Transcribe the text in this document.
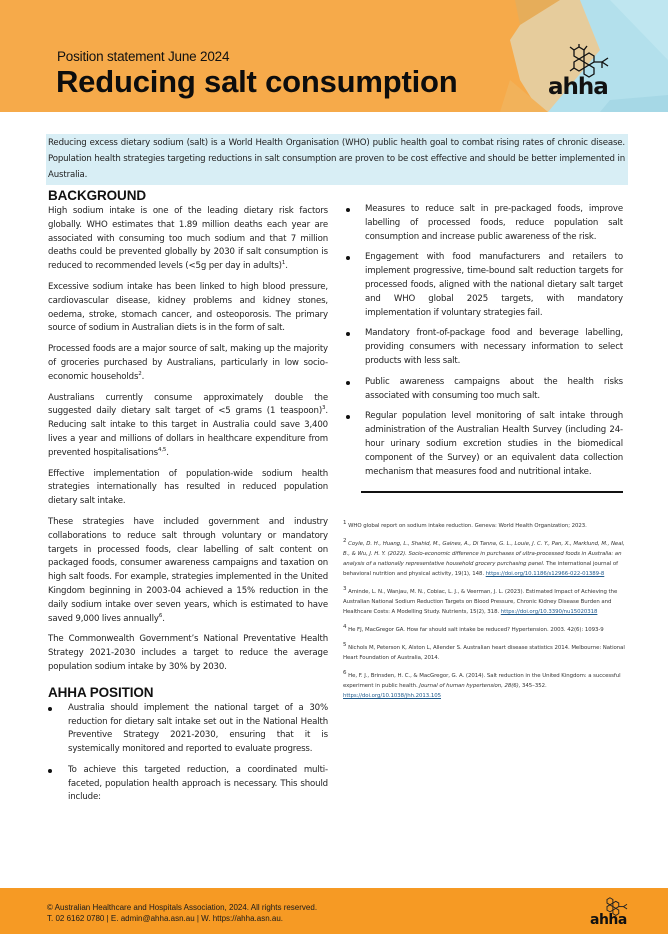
Position statement June 2024
Reducing salt consumption	ahha
Reducing excess dietary sodium (salt) is a World Health Organisation (WHO) public health goal to combat rising rates of chronic disease. Population health strategies targeting reductions in salt consumption are proven to be cost effective and should be better implemented in Australia.
BACKGROUND

High sodium intake is one of the leading dietary risk factors globally. WHO estimates that 1.89 million deaths each year are associated with consuming too much sodium and that 7 million deaths could be prevented globally by 2030 if salt consumption is reduced to recommended levels (<5g per day in adults)$^1$.

Excessive sodium intake has been linked to high blood pressure, cardiovascular disease, kidney problems and kidney stones, oedema, stroke, stomach cancer, and osteoporosis. The primary source of sodium in Australian diets is in the form of salt.

Processed foods are a major source of salt, making up the majority of groceries purchased by Australians, particularly in low socio-economic households$^2$.

Australians currently consume approximately double the suggested daily dietary salt target of <5 grams (1 teaspoon)$^3$. Reducing salt intake to this target in Australia could save 3,400 lives a year and millions of dollars in healthcare expenditure from prevented hospitalisations$^{4,5}$.

Effective implementation of population-wide sodium health strategies internationally has resulted in reduced population dietary salt intake.

These strategies have included government and industry collaborations to reduce salt through voluntary or mandatory targets in processed foods, clear labelling of salt content on packaged foods, consumer awareness campaigns and taxation on high salt foods. For example, strategies implemented in the United Kingdom beginning in 2003-04 achieved a 15% reduction in the daily sodium intake over seven years, which is estimated to have saved 9,000 lives annually$^6$.

The Commonwealth Government’s National Preventative Health Strategy 2021-2030 includes a target to reduce the average population sodium intake by 30% by 2030.

AHHA POSITION
Australia should implement the national target of a 30% reduction for dietary salt intake set out in the National Health Preventive Strategy 2021-2030, ensuring that it is systemically monitored and reported to evaluate progress.
To achieve this targeted reduction, a coordinated multi-faceted, population health approach is necessary. This should include:
Measures to reduce salt in pre-packaged foods, improve labelling of processed foods, reduce population salt consumption and increase public awareness of the risk.
Engagement with food manufacturers and retailers to implement progressive, time-bound salt reduction targets for processed foods, aligned with the national dietary salt target and WHO global 2025 targets, with mandatory implementation if voluntary strategies fail.
Mandatory front-of-package food and beverage labelling, providing consumers with necessary information to select products with less salt.
Public awareness campaigns about the health risks associated with consuming too much salt.
Regular population level monitoring of salt intake through administration of the Australian Health Survey (including 24-hour urinary sodium excretion studies in the biomedical component of the Survey) or an equivalent data collection mechanism that measures food and nutritional intake.
$^1$ WHO global report on sodium intake reduction. Geneva: World Health Organization; 2023.
$^2$ Coyle, D. H., Huang, L., Shahid, M., Gaines, A., Di Tanna, G. L., Louie, J. C. Y., Pan, X., Marklund, M., Neal, B., & Wu, J. H. Y. (2022). Socio-economic difference in purchases of ultra-processed foods in Australia: an analysis of a nationally representative household grocery purchasing panel. The international journal of behavioral nutrition and physical activity, 19(1), 148. https://doi.org/10.1186/s12966-022-01389-8
$^3$ Aminde, L. N., Wanjau, M. N., Cobiac, L. J., & Veerman, J. L. (2023). Estimated Impact of Achieving the Australian National Sodium Reduction Targets on Blood Pressure, Chronic Kidney Disease Burden and Healthcare Costs: A Modelling Study. Nutrients, 15(2), 318. https://doi.org/10.3390/nu15020318
$^4$ He FJ, MacGregor GA. How far should salt intake be reduced? Hypertension. 2003. 42(6): 1093-9
$^5$ Nichols M, Peterson K, Alston L, Allender S. Australian heart disease statistics 2014. Melbourne: National Heart Foundation of Australia, 2014.
$^6$ He, F. J., Brinsden, H. C., & MacGregor, G. A. (2014). Salt reduction in the United Kingdom: a successful experiment in public health. Journal of human hypertension, 28(6), 345–352. https://doi.org/10.1038/jhh.2013.105
© Australian Healthcare and Hospitals Association, 2024. All rights reserved.
T. 02 6162 0780 | E. admin@ahha.asn.au | W. https://ahha.asn.au.	ahha
